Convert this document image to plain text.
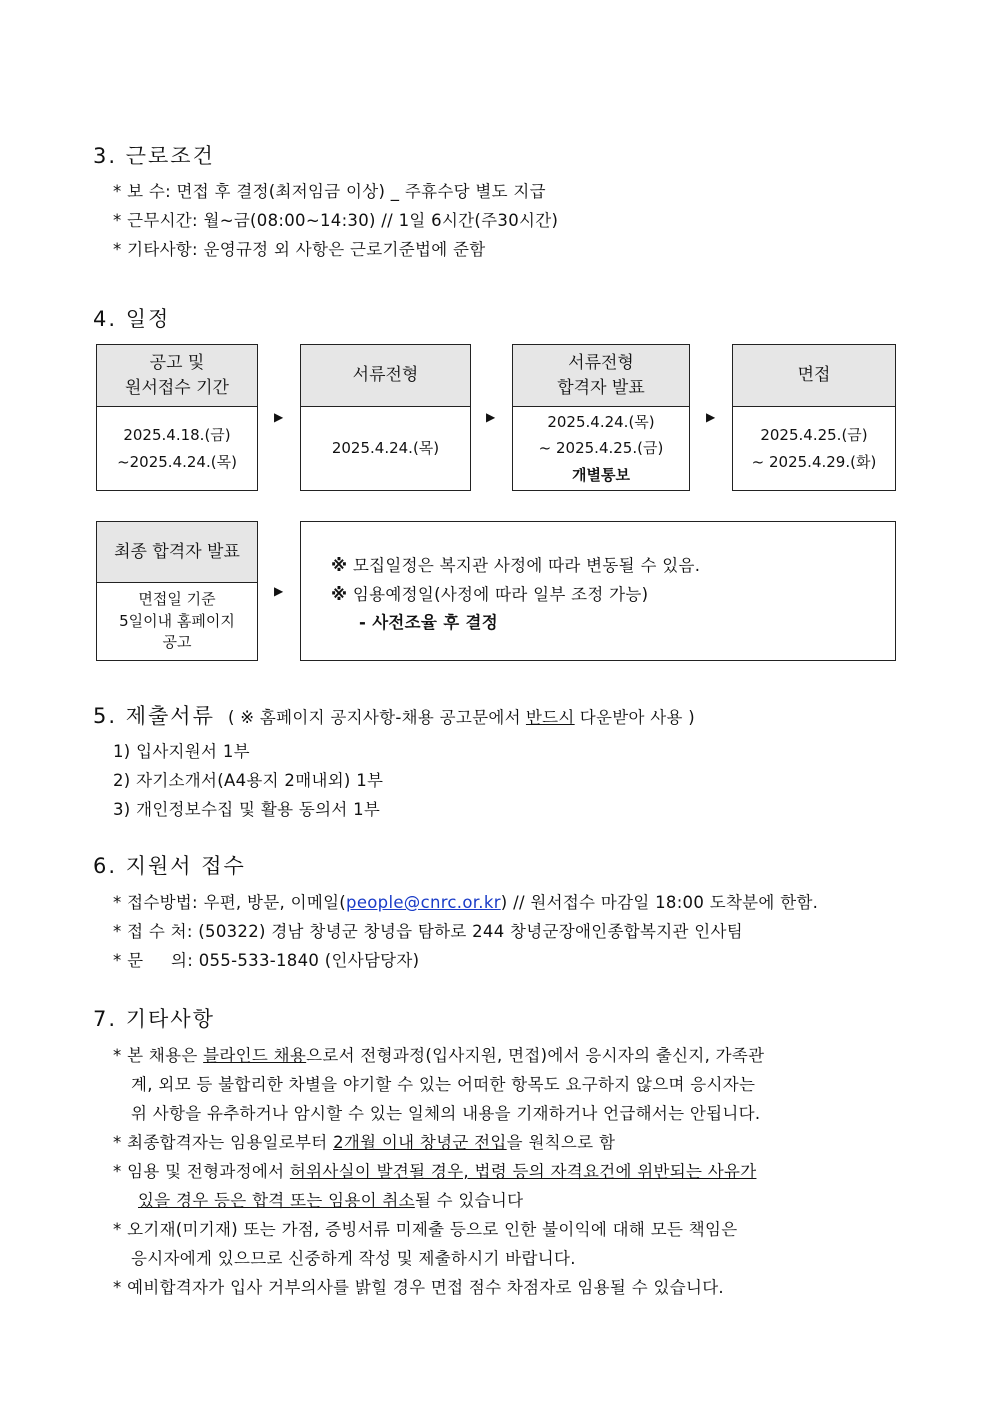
3. 근로조건
* 보 수: 면접 후 결정(최저임금 이상) _ 주휴수당 별도 지급
* 근무시간: 월~금(08:00~14:30) // 1일 6시간(주30시간)
* 기타사항: 운영규정 외 사항은 근로기준법에 준함
4. 일정
공고 및
원서접수 기간
2025.4.18.(금)
~2025.4.24.(목)
▶
서류전형
2025.4.24.(목)
▶
서류전형
합격자 발표
2025.4.24.(목)
~ 2025.4.25.(금)
개별통보
▶
면접
2025.4.25.(금)
~ 2025.4.29.(화)
최종 합격자 발표
면접일 기준
5일이내 홈페이지
공고
▶
※ 모집일정은 복지관 사정에 따라 변동될 수 있음.
※ 임용예정일(사정에 따라 일부 조정 가능)
- 사전조율 후 결정
5. 제출서류 ( ※ 홈페이지 공지사항-채용 공고문에서 반드시 다운받아 사용 )
1) 입사지원서 1부
2) 자기소개서(A4용지 2매내외) 1부
3) 개인정보수집 및 활용 동의서 1부
6. 지원서 접수
* 접수방법: 우편, 방문, 이메일(people@cnrc.or.kr) // 원서접수 마감일 18:00 도착분에 한함.
* 접 수 처: (50322) 경남 창녕군 창녕읍 탐하로 244 창녕군장애인종합복지관 인사팀
* 문     의: 055-533-1840 (인사담당자)
7. 기타사항
* 본 채용은 블라인드 채용으로서 전형과정(입사지원, 면접)에서 응시자의 출신지, 가족관
계, 외모 등 불합리한 차별을 야기할 수 있는 어떠한 항목도 요구하지 않으며 응시자는
위 사항을 유추하거나 암시할 수 있는 일체의 내용을 기재하거나 언급해서는 안됩니다.
* 최종합격자는 임용일로부터 2개월 이내 창녕군 전입을 원칙으로 함
* 임용 및 전형과정에서 허위사실이 발견될 경우, 법령 등의 자격요건에 위반되는 사유가
있을 경우 등은 합격 또는 임용이 취소될 수 있습니다
* 오기재(미기재) 또는 가점, 증빙서류 미제출 등으로 인한 불이익에 대해 모든 책임은
응시자에게 있으므로 신중하게 작성 및 제출하시기 바랍니다.
* 예비합격자가 입사 거부의사를 밝힐 경우 면접 점수 차점자로 임용될 수 있습니다.
